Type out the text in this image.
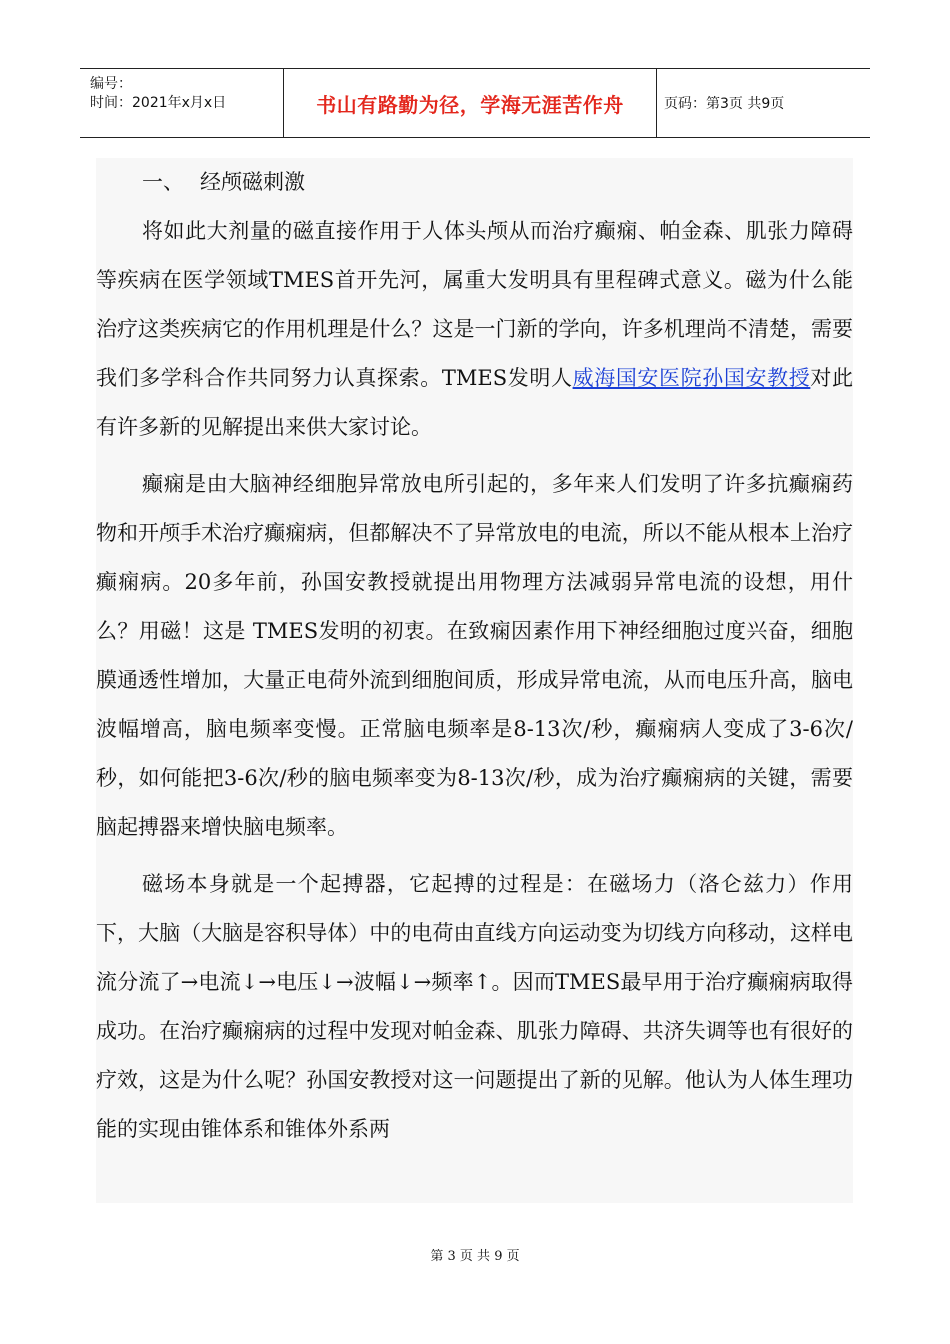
编号：
时间：2021年x月x日	书山有路勤为径，学海无涯苦作舟	页码：第3页 共9页
一、 经颅磁刺激

将如此大剂量的磁直接作用于人体头颅从而治疗癫痫、帕金森、肌张力障碍等疾病在医学领域TMES首开先河，属重大发明具有里程碑式意义。磁为什么能治疗这类疾病它的作用机理是什么？这是一门新的学向，许多机理尚不清楚，需要我们多学科合作共同努力认真探索。TMES发明人威海国安医院孙国安教授对此有许多新的见解提出来供大家讨论。

癫痫是由大脑神经细胞异常放电所引起的，多年来人们发明了许多抗癫痫药物和开颅手术治疗癫痫病，但都解决不了异常放电的电流，所以不能从根本上治疗癫痫病。20多年前，孙国安教授就提出用物理方法减弱异常电流的设想，用什么？用磁！这是 TMES发明的初衷。在致痫因素作用下神经细胞过度兴奋，细胞膜通透性增加，大量正电荷外流到细胞间质，形成异常电流，从而电压升高，脑电波幅增高，脑电频率变慢。正常脑电频率是8-13次/秒，癫痫病人变成了3-6次/秒，如何能把3-6次/秒的脑电频率变为8-13次/秒，成为治疗癫痫病的关键，需要脑起搏器来增快脑电频率。

磁场本身就是一个起搏器，它起搏的过程是：在磁场力（洛仑兹力）作用下，大脑（大脑是容积导体）中的电荷由直线方向运动变为切线方向移动，这样电流分流了→电流↓→电压↓→波幅↓→频率↑。因而TMES最早用于治疗癫痫病取得成功。在治疗癫痫病的过程中发现对帕金森、肌张力障碍、共济失调等也有很好的疗效，这是为什么呢？孙国安教授对这一问题提出了新的见解。他认为人体生理功能的实现由锥体系和锥体外系两

第 3 页 共 9 页
